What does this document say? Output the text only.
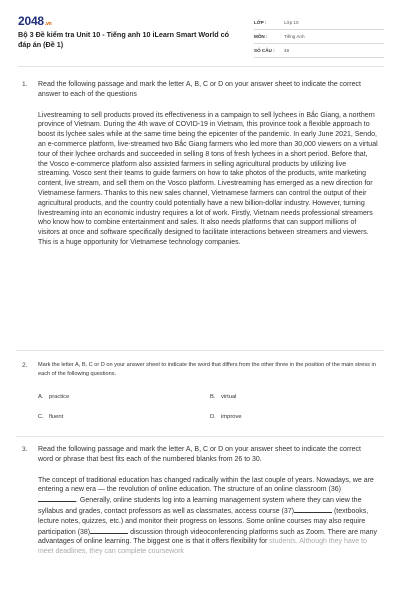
2048.vn
Bộ 3 Đề kiểm tra Unit 10 - Tiếng anh 10 iLearn Smart World có đáp án (Đề 1)
LỚP :	Lớp 10
MÔN :	Tiếng Anh
SỐ CÂU :	48
1.	Read the following passage and mark the letter A, B, C or D on your answer sheet to indicate the correct answer to each of the questions
Livestreaming to sell products proved its effectiveness in a campaign to sell lychees in Bắc Giang, a northern province of Vietnam. During the 4th wave of COVID-19 in Vietnam, this province took a flexible approach to boost its lychee sales while at the same time being the epicenter of the pandemic. In early June 2021, Sendo, an e-commerce platform, live-streamed two Bắc Giang farmers who led more than 30,000 viewers on a virtual tour of their lychee orchards and succeeded in selling 8 tons of fresh lychees in a short period. Before that, the Vosco e-commerce platform also assisted farmers in selling agricultural products by utilizing live streaming. Vosco sent their teams to guide farmers on how to take photos of the products, write marketing content, live stream, and sell them on the Vosco platform. Livestreaming has emerged as a new direction for Vietnamese farmers. Thanks to this new sales channel, Vietnamese farmers can control the output of their agricultural products, and the country could potentially have a new billion-dollar industry. However, turning livestreaming into an economic industry requires a lot of work. Firstly, Vietnam needs professional streamers who know how to combine entertainment and sales. It also needs platforms that can support millions of visitors at once and software specifically designed to facilitate interactions between streamers and viewers. This is a huge opportunity for Vietnamese technology companies.
2.	Mark the letter A, B, C or D on your answer sheet to indicate the word that differs from the other three in the position of the main stress in each of the following questions.
A. practice	B. virtual
C. fluent	D. improve
3.	Read the following passage and mark the letter A, B, C or D on your answer sheet to indicate the correct word or phrase that best fits each of the numbered blanks from 26 to 30.
The concept of traditional education has changed radically within the last couple of years. Nowadays, we are entering a new era — the revolution of online education. The structure of an online classroom (36). Generally, online students log into a learning management system where they can view the syllabus and grades, contact professors as well as classmates, access course (37)	(textbooks, lecture notes, quizzes, etc.) and monitor their progress on lessons. Some online courses may also require participation (38)	discussion through videoconferencing platforms such as Zoom. There are many advantages of online learning. The biggest one is that it offers flexibility for students. Although they have to meet deadlines, they can complete coursework
